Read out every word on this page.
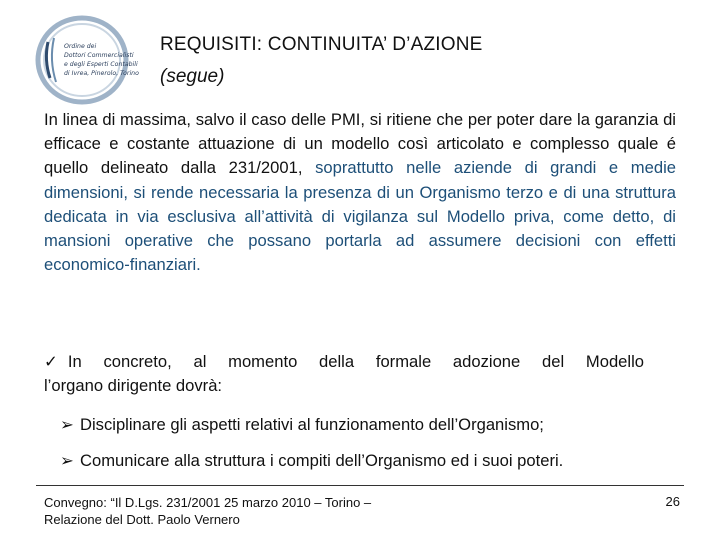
Ordine dei
Dottori Commercialisti
e degli Esperti Contabili
di Ivrea, Pinerolo, Torino
REQUISITI: CONTINUITA’ D’AZIONE
(segue)
In linea di massima, salvo il caso delle PMI, si ritiene che per poter dare la garanzia di efficace e costante attuazione di un modello così articolato e complesso quale é quello delineato dalla 231/2001, soprattutto nelle aziende di grandi e medie dimensioni, si rende necessaria la presenza di un Organismo terzo e di una struttura dedicata in via esclusiva all’attività di vigilanza sul Modello priva, come detto, di mansioni operative che possano portarla ad assumere decisioni con effetti economico-finanziari.
✓ In concreto, al momento della formale adozione del Modello
l’organo dirigente dovrà:
➢ Disciplinare gli aspetti relativi al funzionamento dell’Organismo;
➢ Comunicare alla struttura i compiti dell’Organismo ed i suoi poteri.
Convegno: “Il D.Lgs. 231/2001 25 marzo 2010 – Torino –
Relazione del Dott. Paolo Vernero
26
